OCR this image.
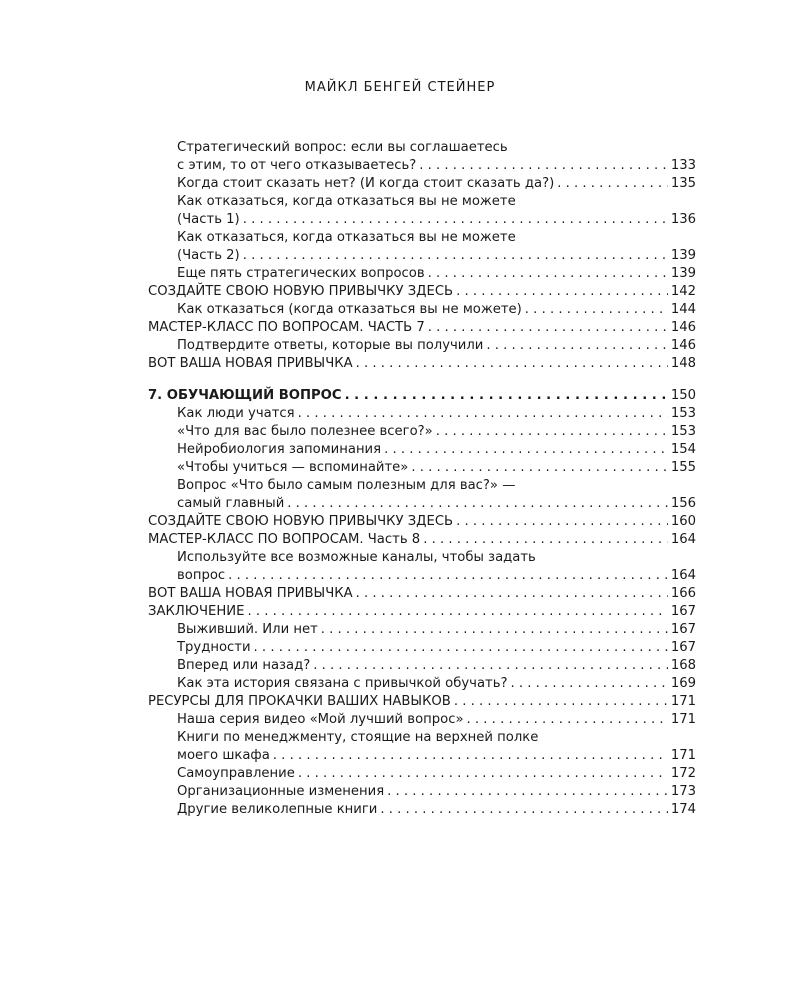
МАЙКЛ БЕНГЕЙ СТЕЙНЕР
Стратегический вопрос: если вы соглашаетесь
с этим, то от чего отказываетесь? . . .	133
Когда стоит сказать нет? (И когда стоит сказать да?) . . .	135
Как отказаться, когда отказаться вы не можете
(Часть 1) . . .	136
Как отказаться, когда отказаться вы не можете
(Часть 2) . . .	139
Еще пять стратегических вопросов . . .	139
СОЗДАЙТЕ СВОЮ НОВУЮ ПРИВЫЧКУ ЗДЕСЬ . . .	142
Как отказаться (когда отказаться вы не можете) . . .	144
МАСТЕР-КЛАСС ПО ВОПРОСАМ. ЧАСТЬ 7 . . .	146
Подтвердите ответы, которые вы получили . . .	146
ВОТ ВАША НОВАЯ ПРИВЫЧКА . . .	148
7. ОБУЧАЮЩИЙ ВОПРОС . . .	150
Как люди учатся . . .	153
«Что для вас было полезнее всего?» . . .	153
Нейробиология запоминания . . .	154
«Чтобы учиться — вспоминайте» . . .	155
Вопрос «Что было самым полезным для вас?» —
самый главный . . .	156
СОЗДАЙТЕ СВОЮ НОВУЮ ПРИВЫЧКУ ЗДЕСЬ . . .	160
МАСТЕР-КЛАСС ПО ВОПРОСАМ. Часть 8 . . .	164
Используйте все возможные каналы, чтобы задать
вопрос . . .	164
ВОТ ВАША НОВАЯ ПРИВЫЧКА . . .	166
ЗАКЛЮЧЕНИЕ . . .	167
Выживший. Или нет . . .	167
Трудности . . .	167
Вперед или назад? . . .	168
Как эта история связана с привычкой обучать? . . .	169
РЕСУРСЫ ДЛЯ ПРОКАЧКИ ВАШИХ НАВЫКОВ . . .	171
Наша серия видео «Мой лучший вопрос» . . .	171
Книги по менеджменту, стоящие на верхней полке
моего шкафа . . .	171
Самоуправление . . .	172
Организационные изменения . . .	173
Другие великолепные книги . . .	174
